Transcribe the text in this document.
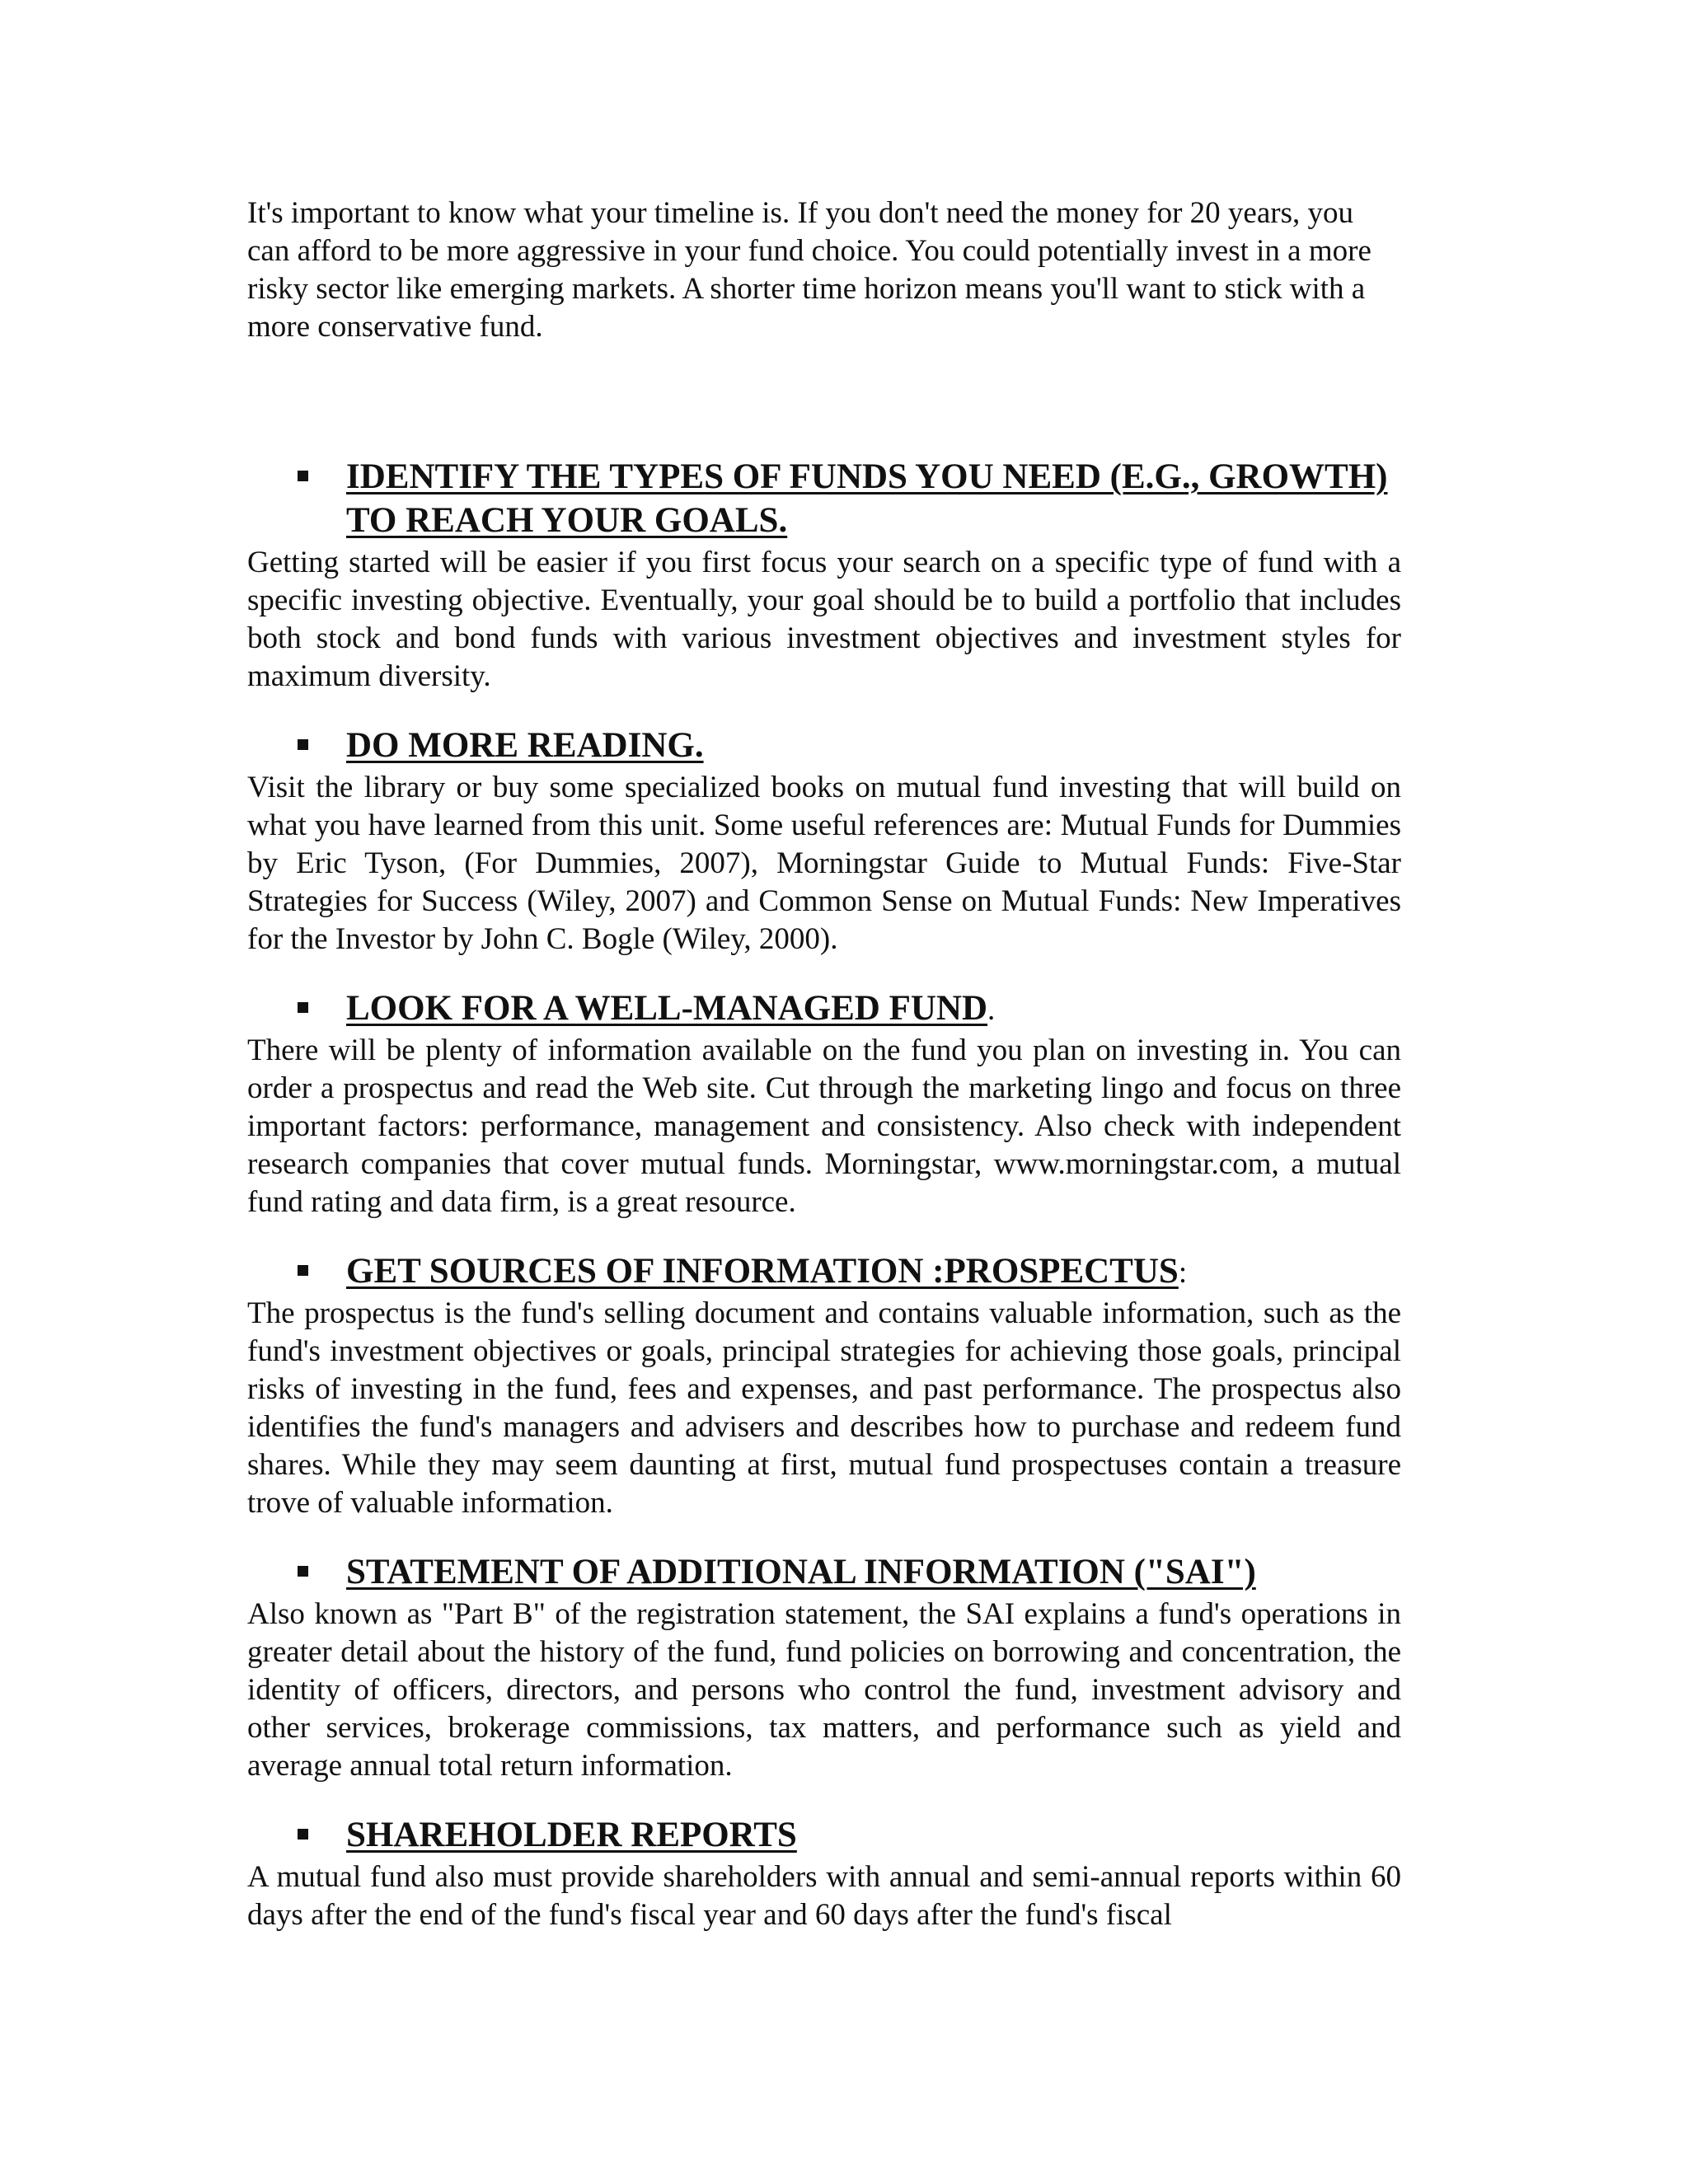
It's important to know what your timeline is. If you don't need the money for 20 years, you can afford to be more aggressive in your fund choice. You could potentially invest in a more risky sector like emerging markets. A shorter time horizon means you'll want to stick with a more conservative fund.

IDENTIFY THE TYPES OF FUNDS YOU NEED (E.G., GROWTH) TO REACH YOUR GOALS.

Getting started will be easier if you first focus your search on a specific type of fund with a specific investing objective. Eventually, your goal should be to build a portfolio that includes both stock and bond funds with various investment objectives and investment styles for maximum diversity.

DO MORE READING.

Visit the library or buy some specialized books on mutual fund investing that will build on what you have learned from this unit. Some useful references are: Mutual Funds for Dummies by Eric Tyson, (For Dummies, 2007), Morningstar Guide to Mutual Funds: Five-Star Strategies for Success (Wiley, 2007) and Common Sense on Mutual Funds: New Imperatives for the Investor by John C. Bogle (Wiley, 2000).

LOOK FOR A WELL-MANAGED FUND.

There will be plenty of information available on the fund you plan on investing in. You can order a prospectus and read the Web site. Cut through the marketing lingo and focus on three important factors: performance, management and consistency. Also check with independent research companies that cover mutual funds. Morningstar, www.morningstar.com, a mutual fund rating and data firm, is a great resource.

GET SOURCES OF INFORMATION :PROSPECTUS:

The prospectus is the fund's selling document and contains valuable information, such as the fund's investment objectives or goals, principal strategies for achieving those goals, principal risks of investing in the fund, fees and expenses, and past performance. The prospectus also identifies the fund's managers and advisers and describes how to purchase and redeem fund shares. While they may seem daunting at first, mutual fund prospectuses contain a treasure trove of valuable information.

STATEMENT OF ADDITIONAL INFORMATION ("SAI")

Also known as "Part B" of the registration statement, the SAI explains a fund's operations in greater detail about the history of the fund, fund policies on borrowing and concentration, the identity of officers, directors, and persons who control the fund, investment advisory and other services, brokerage commissions, tax matters, and performance such as yield and average annual total return information.

SHAREHOLDER REPORTS

A mutual fund also must provide shareholders with annual and semi-annual reports within 60 days after the end of the fund's fiscal year and 60 days after the fund's fiscal
